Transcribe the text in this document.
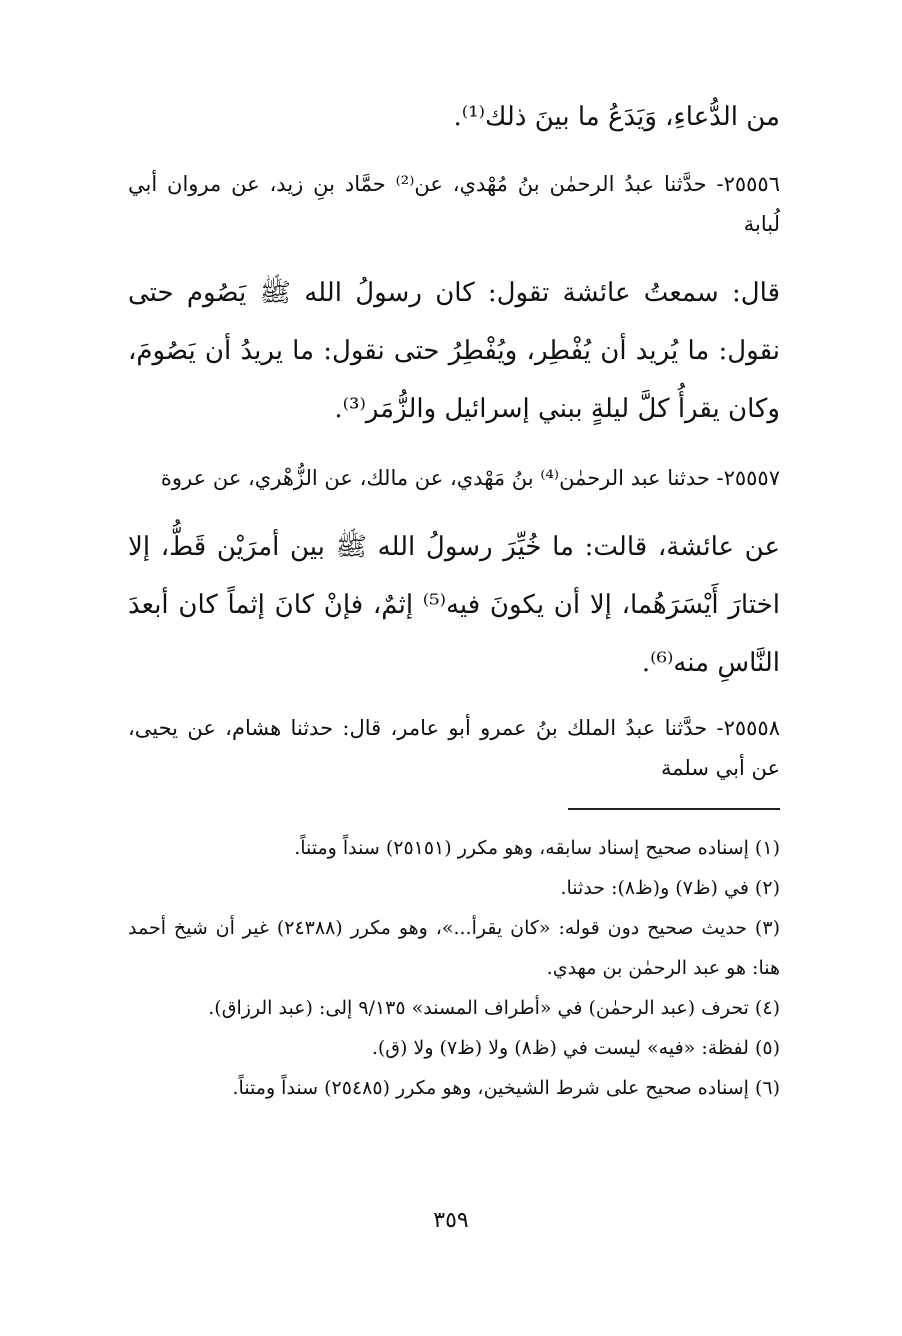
من الدُّعاءِ، وَيَدَعُ ما بينَ ذلك⁽¹⁾.

٢٥٥٥٦- حدَّثنا عبدُ الرحمٰن بنُ مُهْدي، عن⁽²⁾ حمَّاد بنِ زيد، عن مروان أبي لُبابة

قال: سمعتُ عائشة تقول: كان رسولُ الله ﷺ يَصُوم حتى نقول: ما يُريد أن يُفْطِر، ويُفْطِرُ حتى نقول: ما يريدُ أن يَصُومَ، وكان يقرأُ كلَّ ليلةٍ ببني إسرائيل والزُّمَر⁽³⁾.

٢٥٥٥٧- حدثنا عبد الرحمٰن⁽⁴⁾ بنُ مَهْدي، عن مالك، عن الزُّهْري، عن عروة

عن عائشة، قالت: ما خُيِّرَ رسولُ الله ﷺ بين أمرَيْن قَطُّ، إلا اختارَ أَيْسَرَهُما، إلا أن يكونَ فيه⁽⁵⁾ إثمٌ، فإنْ كانَ إثماً كان أبعدَ النَّاسِ منه⁽⁶⁾.

٢٥٥٥٨- حدَّثنا عبدُ الملك بنُ عمرو أبو عامر، قال: حدثنا هشام، عن يحيى، عن أبي سلمة

(١) إسناده صحيح إسناد سابقه، وهو مكرر (٢٥١٥١) سنداً ومتناً.

(٢) في (ظ٧) و(ظ٨): حدثنا.

(٣) حديث صحيح دون قوله: «كان يقرأ...»، وهو مكرر (٢٤٣٨٨) غير أن شيخ أحمد هنا: هو عبد الرحمٰن بن مهدي.

(٤) تحرف (عبد الرحمٰن) في «أطراف المسند» ٩/١٣٥ إلى: (عبد الرزاق).

(٥) لفظة: «فيه» ليست في (ظ٨) ولا (ظ٧) ولا (ق).

(٦) إسناده صحيح على شرط الشيخين، وهو مكرر (٢٥٤٨٥) سنداً ومتناً.

٣٥٩
